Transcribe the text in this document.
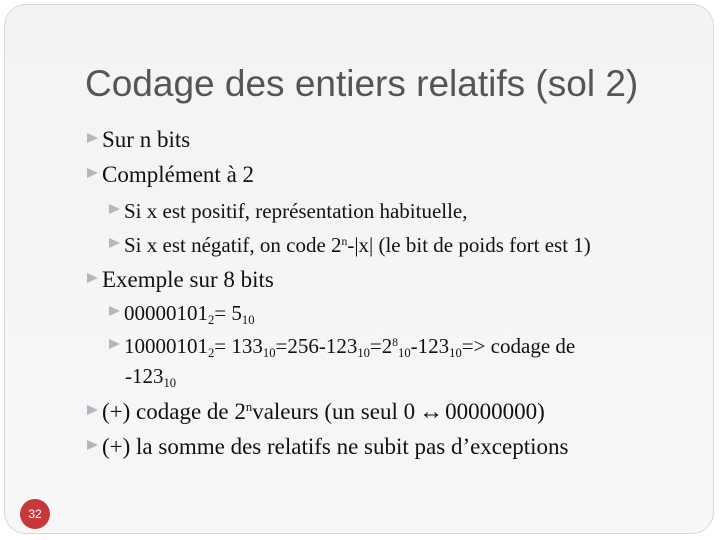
Codage des entiers relatifs (sol 2)
Sur n bits
Complément à 2
Si x est positif, représentation habituelle,
Si x est négatif, on code 2 n -|x| (le bit de poids fort est 1)
Exemple sur 8 bits
00000101 2 = 5 10
10000101 2 = 133 10 =256-123 10 =2 8
10 -123 10 => codage de
-123 10
(+) codage de 2 n valeurs (un seul 0 ↔ 00000000)
(+) la somme des relatifs ne subit pas d’exceptions
32
